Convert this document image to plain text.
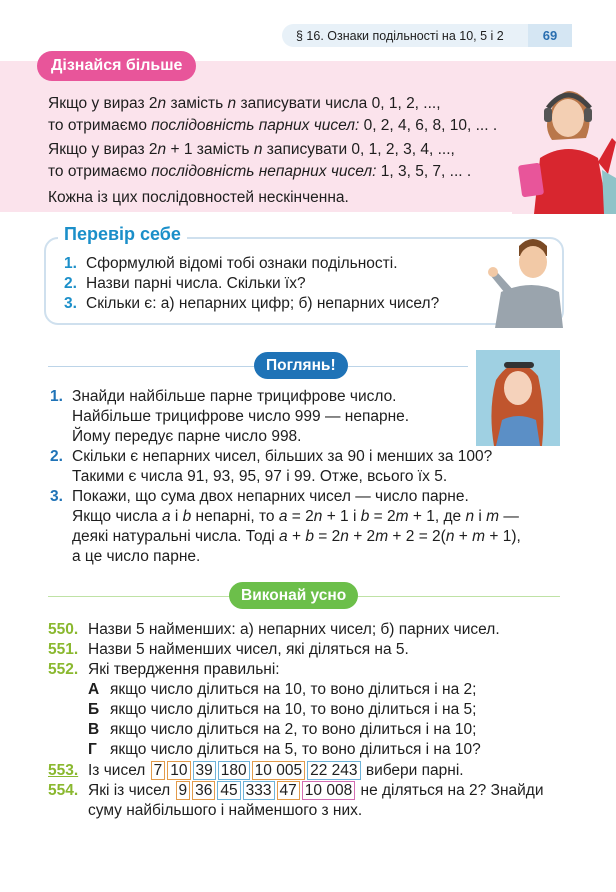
§ 16. Ознаки подільності на 10, 5 і 2	69
Дізнайся більше

Якщо у вираз 2n замість n записувати числа 0, 1, 2, ...,
то отримаємо послідовність парних чисел: 0, 2, 4, 6, 8, 10, ... .

Якщо у вираз 2n + 1 замість n записувати 0, 1, 2, 3, 4, ...,
то отримаємо послідовність непарних чисел: 1, 3, 5, 7, ... .

Кожна із цих послідовностей нескінченна.

Перевір себе
1. Сформулюй відомі тобі ознаки подільності.
2. Назви парні числа. Скільки їх?
3. Скільки є: а) непарних цифр; б) непарних чисел?
Поглянь!
1. Знайди найбільше парне трицифрове число.
Найбільше трицифрове число 999 — непарне.
Йому передує парне число 998.
2. Скільки є непарних чисел, більших за 90 і менших за 100?
Такими є числа 91, 93, 95, 97 і 99. Отже, всього їх 5.
3. Покажи, що сума двох непарних чисел — число парне.
Якщо числа a і b непарні, то a = 2n + 1 і b = 2m + 1, де n і m —
деякі натуральні числа. Тоді a + b = 2n + 2m + 2 = 2(n + m + 1),
а це число парне.
Виконай усно
550. Назви 5 найменших: а) непарних чисел; б) парних чисел.
551. Назви 5 найменших чисел, які діляться на 5.
552. Які твердження правильні:
А якщо число ділиться на 10, то воно ділиться і на 2;
Б якщо число ділиться на 10, то воно ділиться і на 5;
В якщо число ділиться на 2, то воно ділиться і на 10;
Г якщо число ділиться на 5, то воно ділиться і на 10?
553. Із чисел 7 10 39 180 10 005 22 243 вибери парні.
554. Які із чисел 9 36 45 333 47 10 008 не діляться на 2? Знайди
суму найбільшого і найменшого з них.
